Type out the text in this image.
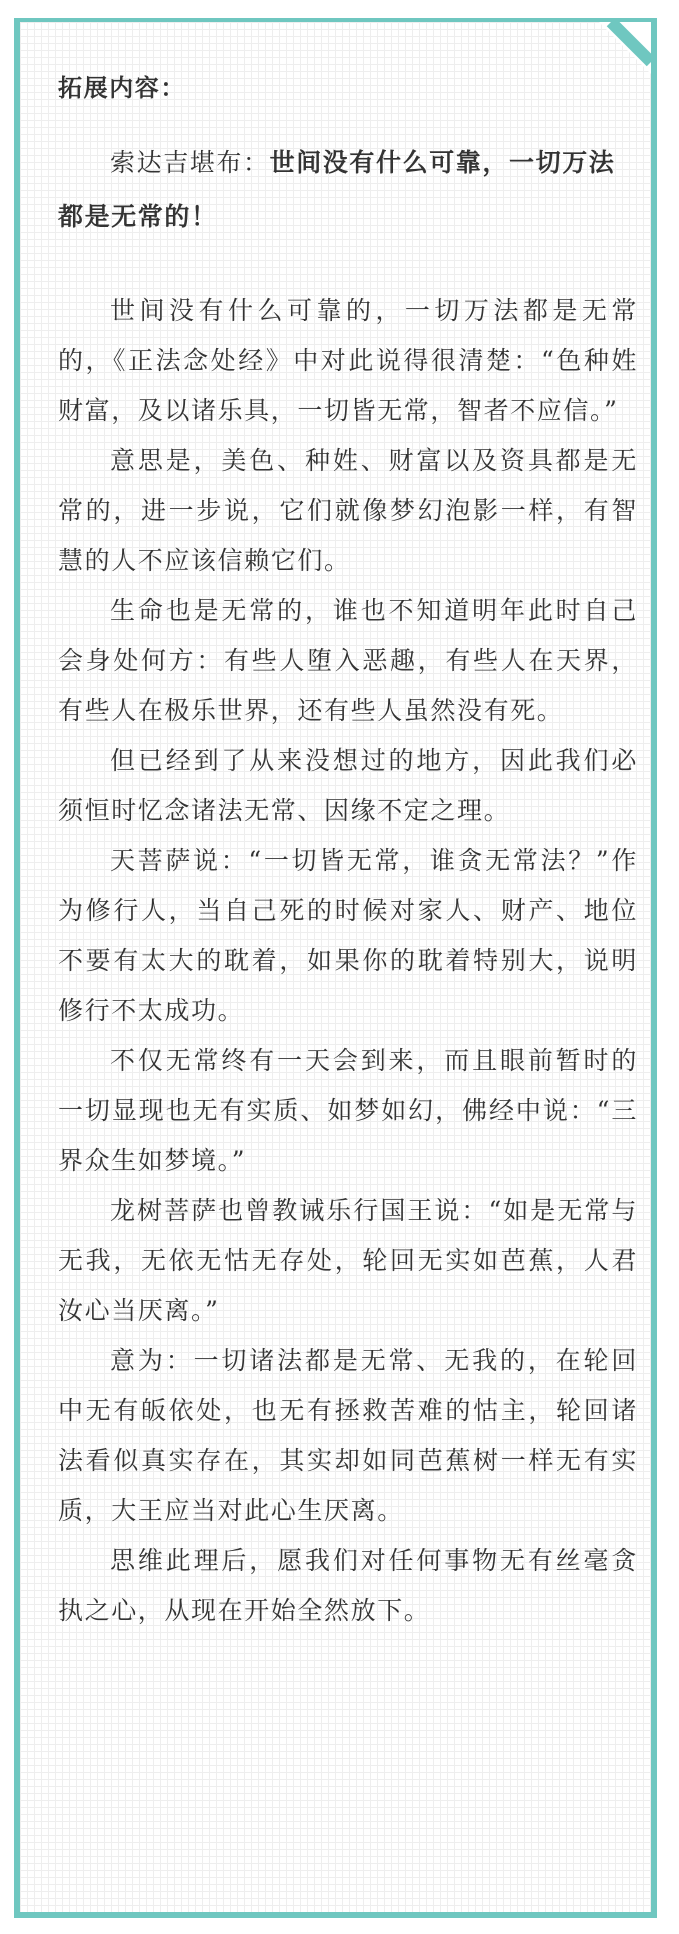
拓展内容：

索达吉堪布：世间没有什么可靠，一切万法都是无常的！

世间没有什么可靠的，一切万法都是无常的，《正法念处经》中对此说得很清楚：“色种姓财富，及以诸乐具，一切皆无常，智者不应信。”

意思是，美色、种姓、财富以及资具都是无常的，进一步说，它们就像梦幻泡影一样，有智慧的人不应该信赖它们。

生命也是无常的，谁也不知道明年此时自己会身处何方：有些人堕入恶趣，有些人在天界，有些人在极乐世界，还有些人虽然没有死。

但已经到了从来没想过的地方，因此我们必须恒时忆念诸法无常、因缘不定之理。

天菩萨说：“一切皆无常，谁贪无常法？”作为修行人，当自己死的时候对家人、财产、地位不要有太大的耽着，如果你的耽着特别大，说明修行不太成功。

不仅无常终有一天会到来，而且眼前暂时的一切显现也无有实质、如梦如幻，佛经中说：“三界众生如梦境。”

龙树菩萨也曾教诫乐行国王说：“如是无常与无我，无依无怙无存处，轮回无实如芭蕉，人君汝心当厌离。”

意为：一切诸法都是无常、无我的，在轮回中无有皈依处，也无有拯救苦难的怙主，轮回诸法看似真实存在，其实却如同芭蕉树一样无有实质，大王应当对此心生厌离。

思维此理后，愿我们对任何事物无有丝毫贪执之心，从现在开始全然放下。
